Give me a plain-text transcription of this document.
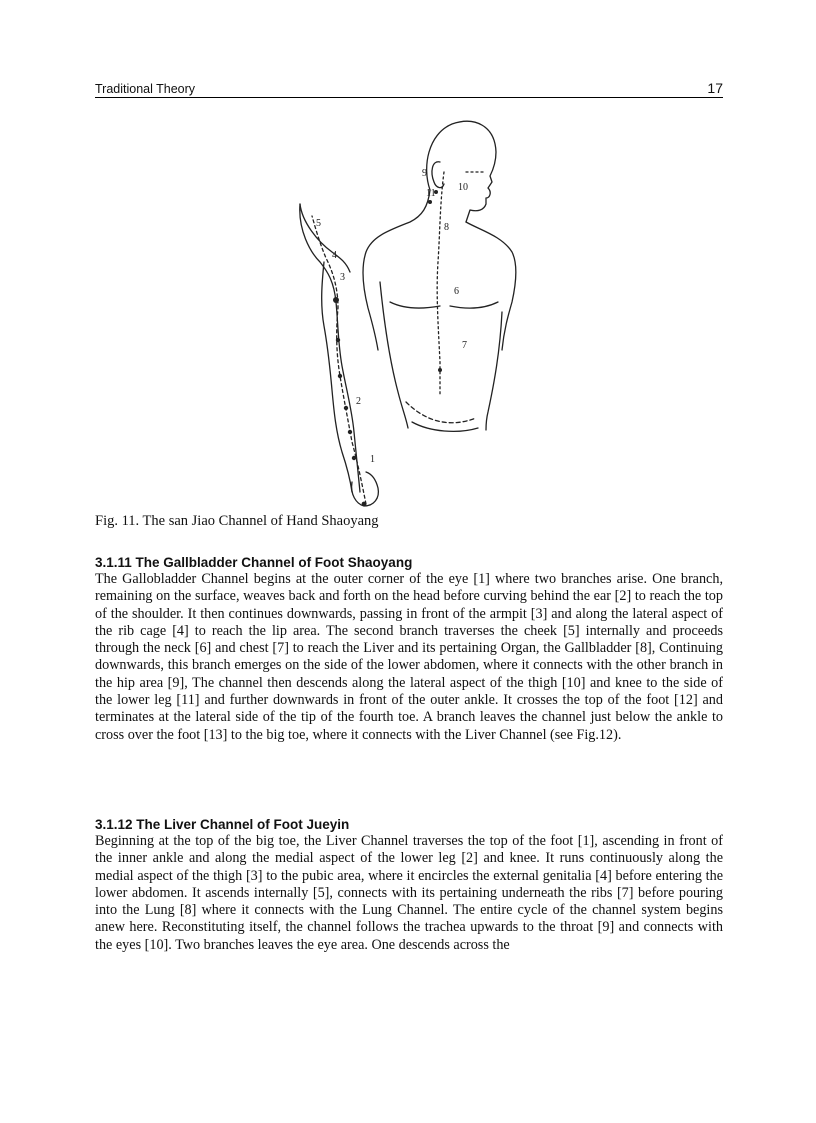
Traditional Theory	17
1
2
3
4
5
6
7
8
9
10
11
Fig. 11. The san Jiao Channel of Hand Shaoyang
3.1.11 The Gallbladder Channel of Foot Shaoyang

The Gallobladder Channel begins at the outer corner of the eye [1] where two branches arise. One branch, remaining on the surface, weaves back and forth on the head before curving behind the ear [2] to reach the top of the shoulder. It then continues downwards, passing in front of the armpit [3] and along the lateral aspect of the rib cage [4] to reach the lip area. The second branch traverses the cheek [5] internally and proceeds through the neck [6] and chest [7] to reach the Liver and its pertaining Organ, the Gallbladder [8], Continuing downwards, this branch emerges on the side of the lower abdomen, where it connects with the other branch in the hip area [9], The channel then descends along the lateral aspect of the thigh [10] and knee to the side of the lower leg [11] and further downwards in front of the outer ankle. It crosses the top of the foot [12] and terminates at the lateral side of the tip of the fourth toe. A branch leaves the channel just below the ankle to cross over the foot [13] to the big toe, where it connects with the Liver Channel (see Fig.12).

3.1.12 The Liver Channel of Foot Jueyin

Beginning at the top of the big toe, the Liver Channel traverses the top of the foot [1], ascending in front of the inner ankle and along the medial aspect of the lower leg [2] and knee. It runs continuously along the medial aspect of the thigh [3] to the pubic area, where it encircles the external genitalia [4] before entering the lower abdomen. It ascends internally [5], connects with its pertaining underneath the ribs [7] before pouring into the Lung [8] where it connects with the Lung Channel. The entire cycle of the channel system begins anew here. Reconstituting itself, the channel follows the trachea upwards to the throat [9] and connects with the eyes [10]. Two branches leaves the eye area. One descends across the
